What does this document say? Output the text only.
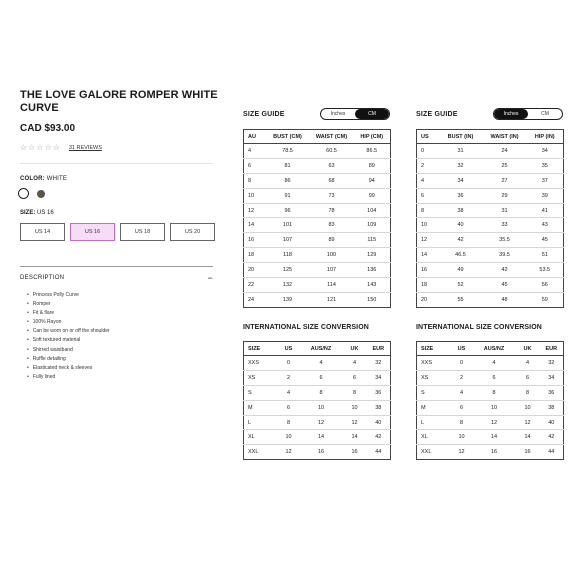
THE LOVE GALORE ROMPER WHITE CURVE
CAD $93.00
☆ ☆ ☆ ☆ ☆ 31 REVIEWS
COLOR: WHITE
SIZE: US 16
US 14	US 16	US 18	US 20
DESCRIPTION	−
• Princess Polly Curve
• Romper
• Fit & flare
• 100% Rayon
• Can be worn on or off the shoulder
• Soft textured material
• Shirred waistband
• Ruffle detailing
• Elasticated neck & sleeves
• Fully lined
SIZE GUIDE	Inches	CM
AU	BUST (CM)	WAIST (CM)	HIP (CM)
4	78.5	60.5	86.5
6	81	63	89
8	86	68	94
10	91	73	99
12	96	78	104
14	101	83	109
16	107	89	115
18	118	100	129
20	125	107	136
22	132	114	143
24	139	121	150
INTERNATIONAL SIZE CONVERSION
SIZE	US	AUS/NZ	UK	EUR
XXS	0	4	4	32
XS	2	6	6	34
S	4	8	8	36
M	6	10	10	38
L	8	12	12	40
XL	10	14	14	42
XXL	12	16	16	44
SIZE GUIDE	Inches	CM
US	BUST (IN)	WAIST (IN)	HIP (IN)
0	31	24	34
2	32	25	35
4	34	27	37
6	36	29	39
8	38	31	41
10	40	33	43
12	42	35.5	45
14	46.5	39.5	51
16	49	42	53.5
18	52	45	56
20	55	48	59
INTERNATIONAL SIZE CONVERSION
SIZE	US	AUS/NZ	UK	EUR
XXS	0	4	4	32
XS	2	6	6	34
S	4	8	8	36
M	6	10	10	38
L	8	12	12	40
XL	10	14	14	42
XXL	12	16	16	44
